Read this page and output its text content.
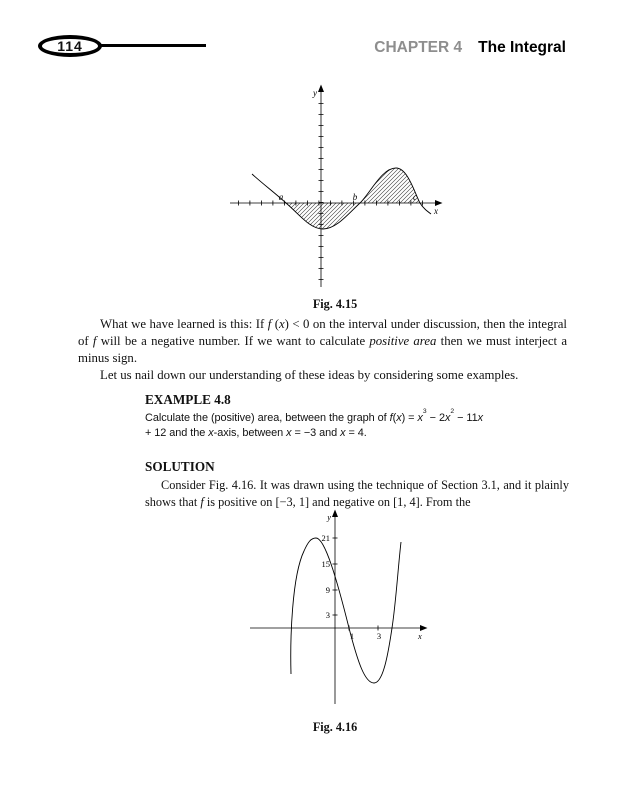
114	CHAPTER 4 The Integral
a	b	c
x
y
Fig. 4.15

What we have learned is this: If f (x) < 0 on the interval under discussion, then the integral of f will be a negative number. If we want to calculate positive area then we must interject a minus sign.

Let us nail down our understanding of these ideas by considering some examples.

EXAMPLE 4.8
Calculate the (positive) area, between the graph of $f(x) = x^3 - 2x^2 - 11x + 12$ and the x-axis, between x = −3 and x = 4.
SOLUTION
Consider Fig. 4.16. It was drawn using the technique of Section 3.1, and it plainly shows that f is positive on [−3, 1] and negative on [1, 4]. From the
21
15
9
3
1	3
y
x
Fig. 4.16
